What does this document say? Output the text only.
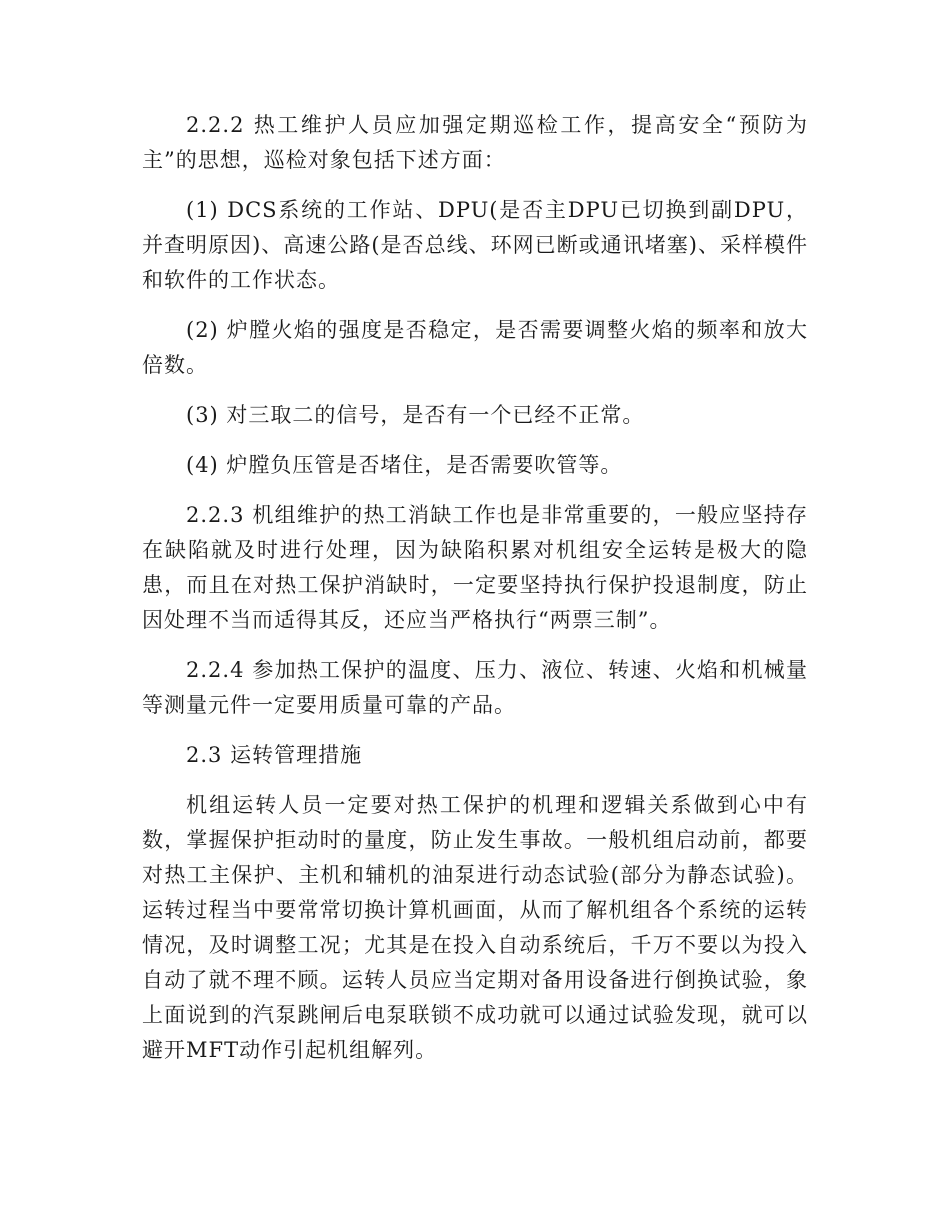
2.2.2 热工维护人员应加强定期巡检工作，提高安全“预防为主”的思想，巡检对象包括下述方面：

(1) DCS系统的工作站、DPU(是否主DPU已切换到副DPU，并查明原因)、高速公路(是否总线、环网已断或通讯堵塞)、采样模件和软件的工作状态。

(2) 炉膛火焰的强度是否稳定，是否需要调整火焰的频率和放大倍数。

(3) 对三取二的信号，是否有一个已经不正常。

(4) 炉膛负压管是否堵住，是否需要吹管等。

2.2.3 机组维护的热工消缺工作也是非常重要的，一般应坚持存在缺陷就及时进行处理，因为缺陷积累对机组安全运转是极大的隐患，而且在对热工保护消缺时，一定要坚持执行保护投退制度，防止因处理不当而适得其反，还应当严格执行“两票三制”。

2.2.4 参加热工保护的温度、压力、液位、转速、火焰和机械量等测量元件一定要用质量可靠的产品。

2.3 运转管理措施

机组运转人员一定要对热工保护的机理和逻辑关系做到心中有数，掌握保护拒动时的量度，防止发生事故。一般机组启动前，都要对热工主保护、主机和辅机的油泵进行动态试验(部分为静态试验)。运转过程当中要常常切换计算机画面，从而了解机组各个系统的运转情况，及时调整工况；尤其是在投入自动系统后，千万不要以为投入自动了就不理不顾。运转人员应当定期对备用设备进行倒换试验，象上面说到的汽泵跳闸后电泵联锁不成功就可以通过试验发现，就可以避开MFT动作引起机组解列。
